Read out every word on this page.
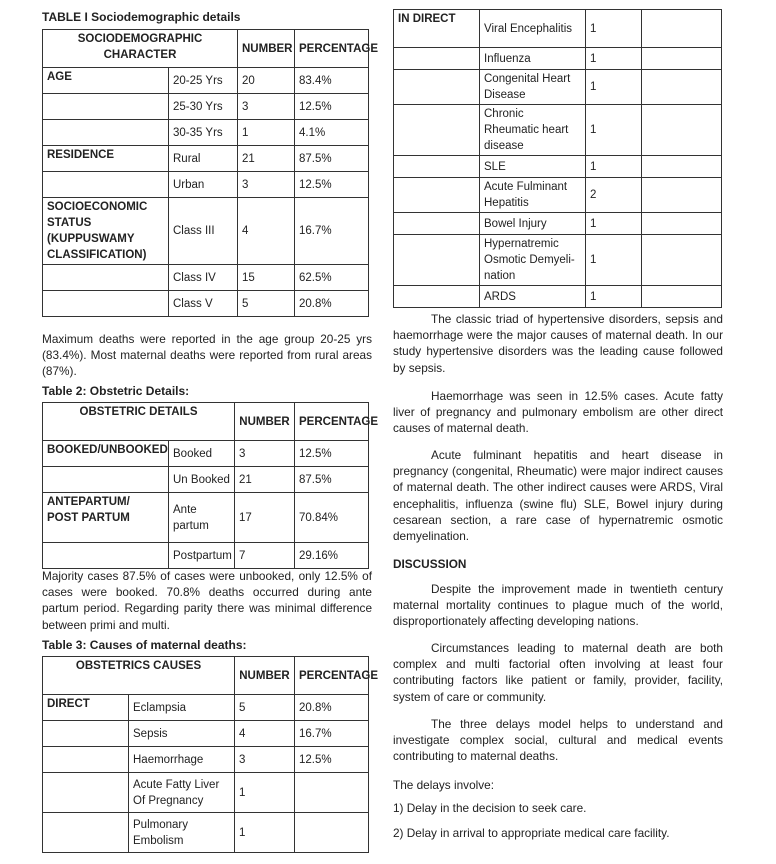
TABLE I Sociodemographic details
SOCIODEMOGRAPHIC CHARACTER		NUMBER	PERCENTAGE
AGE	20-25 Yrs	20	83.4%
	25-30 Yrs	3	12.5%
	30-35 Yrs	1	4.1%
RESIDENCE	Rural	21	87.5%
	Urban	3	12.5%
SOCIOECONOMIC STATUS (KUPPUSWAMY CLASSIFICATION)	Class III	4	16.7%
	Class IV	15	62.5%
	Class V	5	20.8%

Maximum deaths were reported in the age group 20-25 yrs (83.4%). Most maternal deaths were reported from rural areas (87%).

Table 2: Obstetric Details:
OBSTETRIC DETAILS		NUMBER	PERCENTAGE
BOOKED/UNBOOKED	Booked	3	12.5%
	Un Booked	21	87.5%
ANTEPARTUM/ POST PARTUM	Ante partum	17	70.84%
	Postpartum	7	29.16%

Majority cases 87.5% of cases were unbooked, only 12.5% of cases were booked. 70.8% deaths occurred during ante partum period. Regarding parity there was minimal difference between primi and multi.

Table 3: Causes of maternal deaths:
OBSTETRICS CAUSES		NUMBER	PERCENTAGE
DIRECT	Eclampsia	5	20.8%
	Sepsis	4	16.7%
	Haemorrhage	3	12.5%
	Acute Fatty Liver Of Pregnancy	1	
	Pulmonary Embolism	1	
IN DIRECT	Viral Encephalitis	1	
	Influenza	1	
	Congenital Heart Disease	1	
	Chronic Rheumatic heart disease	1	
	SLE	1	
	Acute Fulminant Hepatitis	2	
	Bowel Injury	1	
	Hypernatremic Osmotic Demyeli-nation	1	
	ARDS	1	

The classic triad of hypertensive disorders, sepsis and haemorrhage were the major causes of maternal death. In our study hypertensive disorders was the leading cause followed by sepsis.

Haemorrhage was seen in 12.5% cases. Acute fatty liver of pregnancy and pulmonary embolism are other direct causes of maternal death.

Acute fulminant hepatitis and heart disease in pregnancy (congenital, Rheumatic) were major indirect causes of maternal death. The other indirect causes were ARDS, Viral encephalitis, influenza (swine flu) SLE, Bowel injury during cesarean section, a rare case of hypernatremic osmotic demyelination.

DISCUSSION

Despite the improvement made in twentieth century maternal mortality continues to plague much of the world, disproportionately affecting developing nations.

Circumstances leading to maternal death are both complex and multi factorial often involving at least four contributing factors like patient or family, provider, facility, system of care or community.

The three delays model helps to understand and investigate complex social, cultural and medical events contributing to maternal deaths.

The delays involve:
1) Delay in the decision to seek care.
2) Delay in arrival to appropriate medical care facility.
